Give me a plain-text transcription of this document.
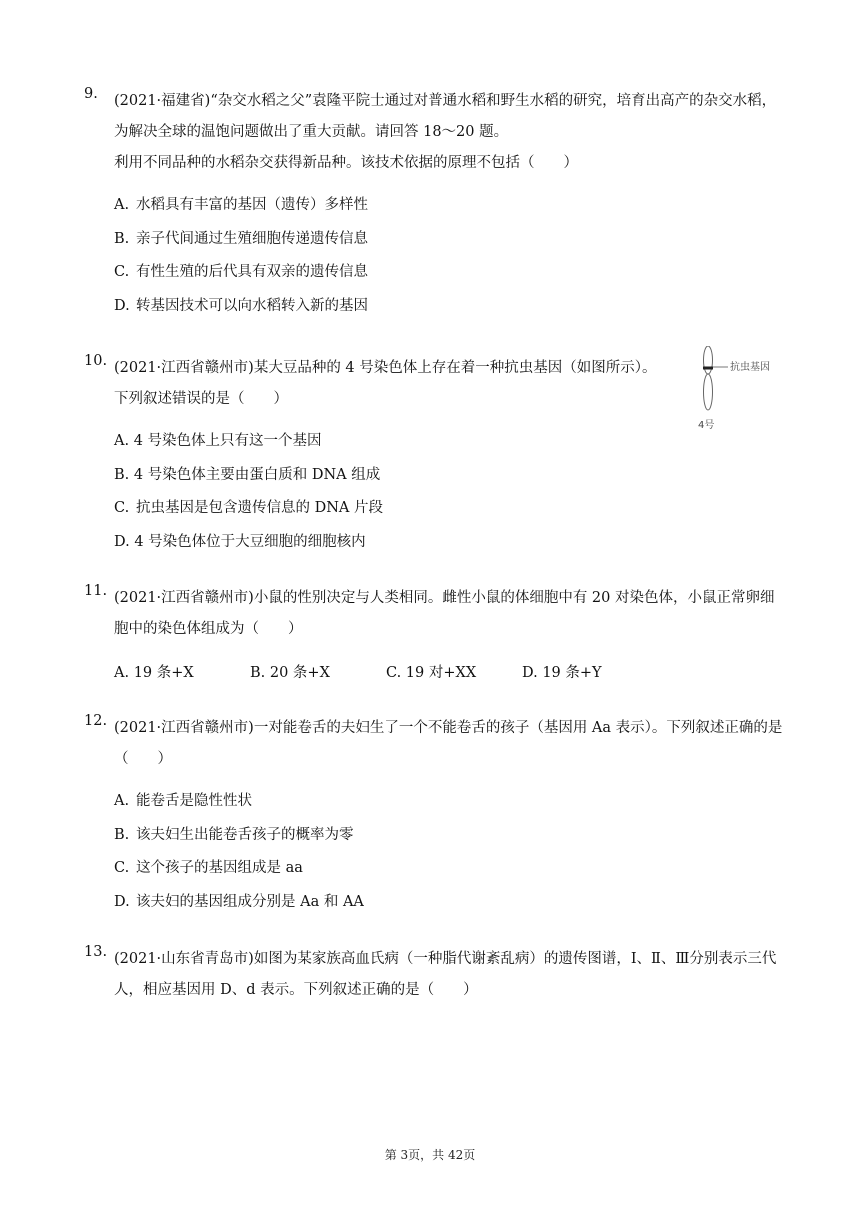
9. (2021·福建省)“杂交水稻之父”袁隆平院士通过对普通水稻和野生水稻的研究，培育出高产的杂交水稻，为解决全球的温饱问题做出了重大贡献。请回答 18～20 题。
利用不同品种的水稻杂交获得新品种。该技术依据的原理不包括（　　）
A. 水稻具有丰富的基因（遗传）多样性
B. 亲子代间通过生殖细胞传递遗传信息
C. 有性生殖的后代具有双亲的遗传信息
D. 转基因技术可以向水稻转入新的基因
10. (2021·江西省赣州市)某大豆品种的 4 号染色体上存在着一种抗虫基因（如图所示）。
下列叙述错误的是（　　）
A. 4 号染色体上只有这一个基因
B. 4 号染色体主要由蛋白质和 DNA 组成
C. 抗虫基因是包含遗传信息的 DNA 片段
D. 4 号染色体位于大豆细胞的细胞核内
抗虫基因
4号
11. (2021·江西省赣州市)小鼠的性别决定与人类相同。雌性小鼠的体细胞中有 20 对染色体，小鼠正常卵细胞中的染色体组成为（　　）
A. 19 条+X	B. 20 条+X	C. 19 对+XX	D. 19 条+Y
12. (2021·江西省赣州市)一对能卷舌的夫妇生了一个不能卷舌的孩子（基因用 Aa 表示）。下列叙述正确的是（　　）
A. 能卷舌是隐性性状
B. 该夫妇生出能卷舌孩子的概率为零
C. 这个孩子的基因组成是 aa
D. 该夫妇的基因组成分别是 Aa 和 AA
13. (2021·山东省青岛市)如图为某家族高血氏病（一种脂代谢紊乱病）的遗传图谱，Ⅰ、Ⅱ、Ⅲ分别表示三代人，相应基因用 D、d 表示。下列叙述正确的是（　　）
第 3页，共 42页
